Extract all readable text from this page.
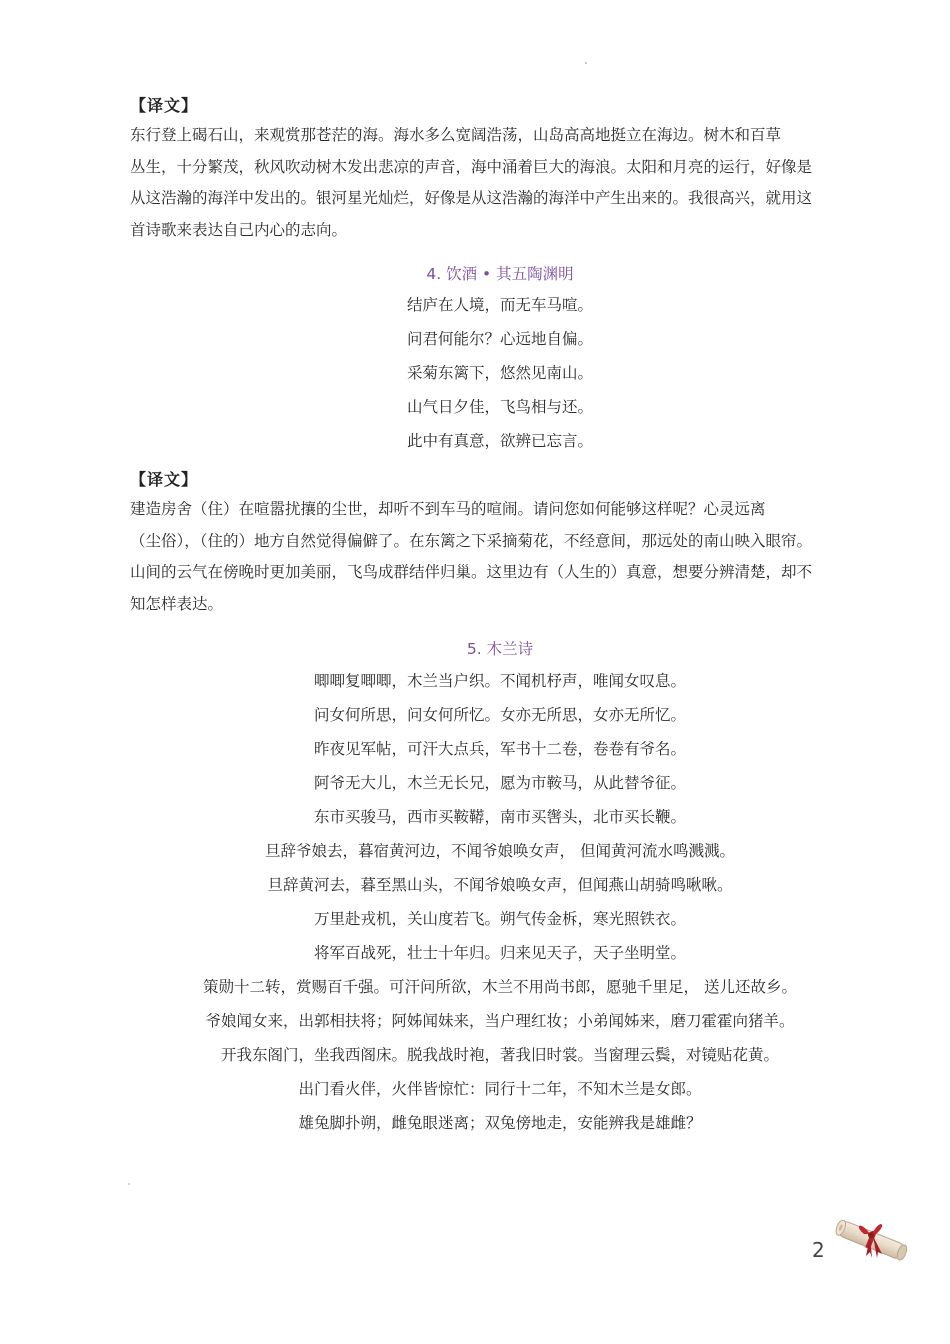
【译文】
东行登上碣石山，来观赏那苍茫的海。海水多么宽阔浩荡，山岛高高地挺立在海边。树木和百草
丛生，十分繁茂，秋风吹动树木发出悲凉的声音，海中涌着巨大的海浪。太阳和月亮的运行，好像是
从这浩瀚的海洋中发出的。银河星光灿烂，好像是从这浩瀚的海洋中产生出来的。我很高兴，就用这
首诗歌来表达自己内心的志向。
4. 饮酒 • 其五陶渊明
结庐在人境，而无车马喧。
问君何能尔？心远地自偏。
采菊东篱下，悠然见南山。
山气日夕佳，飞鸟相与还。
此中有真意，欲辨已忘言。
【译文】
建造房舍（住）在喧嚣扰攘的尘世，却听不到车马的喧闹。请问您如何能够这样呢？心灵远离
（尘俗），（住的）地方自然觉得偏僻了。在东篱之下采摘菊花，不经意间，那远处的南山映入眼帘。
山间的云气在傍晚时更加美丽，飞鸟成群结伴归巢。这里边有（人生的）真意，想要分辨清楚，却不
知怎样表达。
5. 木兰诗
唧唧复唧唧，木兰当户织。不闻机杼声，唯闻女叹息。
问女何所思，问女何所忆。女亦无所思，女亦无所忆。
昨夜见军帖，可汗大点兵，军书十二卷，卷卷有爷名。
阿爷无大儿，木兰无长兄，愿为市鞍马，从此替爷征。
东市买骏马，西市买鞍鞯，南市买辔头，北市买长鞭。
旦辞爷娘去，暮宿黄河边，不闻爷娘唤女声， 但闻黄河流水鸣溅溅。
旦辞黄河去，暮至黑山头，不闻爷娘唤女声，但闻燕山胡骑鸣啾啾。
万里赴戎机，关山度若飞。朔气传金柝，寒光照铁衣。
将军百战死，壮士十年归。归来见天子，天子坐明堂。
策勋十二转，赏赐百千强。可汗问所欲，木兰不用尚书郎，愿驰千里足， 送儿还故乡。
爷娘闻女来，出郭相扶将；阿姊闻妹来，当户理红妆；小弟闻姊来，磨刀霍霍向猪羊。
开我东阁门，坐我西阁床。脱我战时袍，著我旧时裳。当窗理云鬓，对镜贴花黄。
出门看火伴，火伴皆惊忙：同行十二年，不知木兰是女郎。
雄兔脚扑朔，雌兔眼迷离；双兔傍地走，安能辨我是雄雌？
2
